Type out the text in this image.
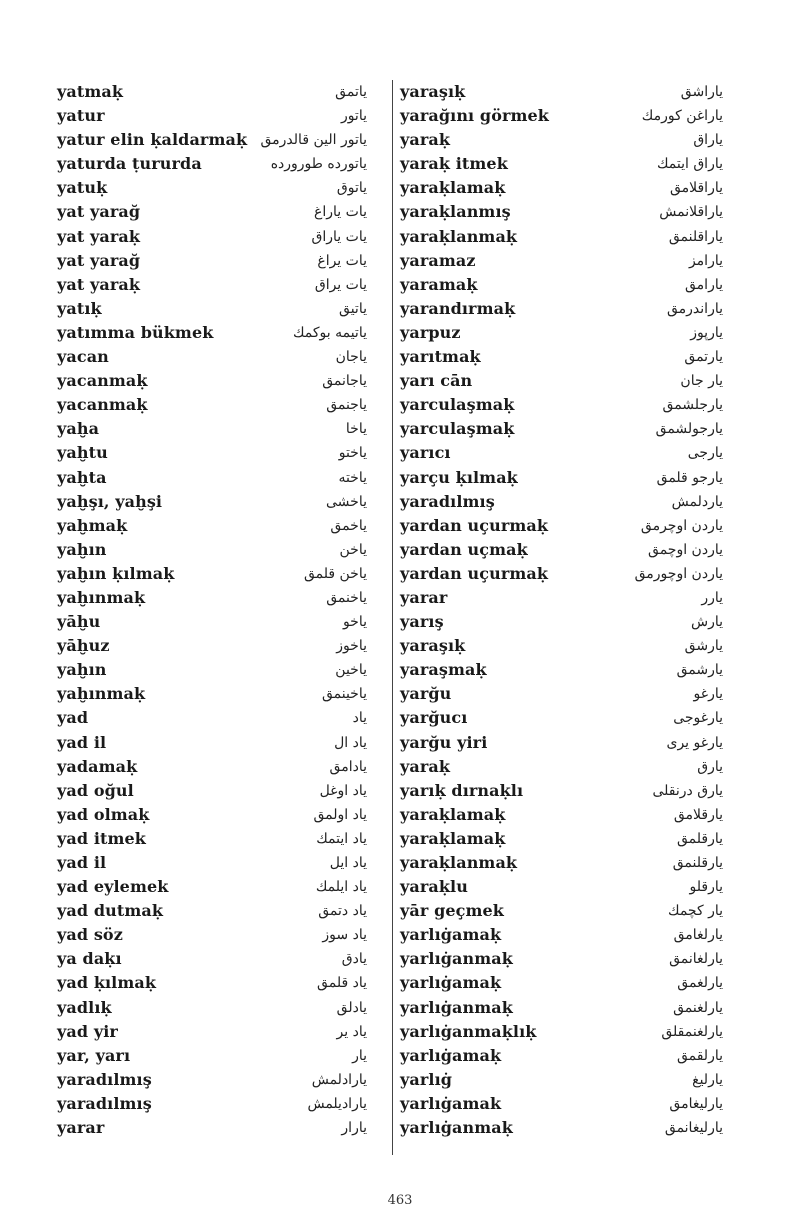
yatmaḳ	یاتمق
yatur	یاتور
yatur elin ḳaldarmaḳ یاتور الین قالدرمق
yaturda ṭururda	یاتورده طورورده
yatuḳ	یاتوق
yat yarağ	یات یاراغ
yat yaraḳ	یات یاراق
yat yarağ	یات یراغ
yat yaraḳ	یات یراق
yatıḳ	یاتیق
yatımma bükmek	یاتیمه بوکمك
yacan	یاجان
yacanmaḳ	یاجانمق
yacanmaḳ	یاجنمق
yaḫa	یاخا
yaḫtu	یاختو
yaḫta	یاخته
yaḫşı, yaḫşi	یاخشی
yaḫmaḳ	یاخمق
yaḫın	یاخن
yaḫın ḳılmaḳ	یاخن قلمق
yaḫınmaḳ	یاخنمق
yāḫu	یاخو
yāḫuz	یاخوز
yaḫın	یاخین
yaḫınmaḳ	یاخینمق
yad	یاد
yad il	یاد ال
yadamaḳ	یادامق
yad oğul	یاد اوغل
yad olmaḳ	یاد اولمق
yad itmek	یاد ایتمك
yad il	یاد ایل
yad eylemek	یاد ایلمك
yad dutmaḳ	یاد دتمق
yad söz	یاد سوز
ya daḳı	یادق
yad ḳılmaḳ	یاد قلمق
yadlıḳ	یادلق
yad yir	یاد یر
yar, yarı	یار
yaradılmış	یارادلمش
yaradılmış	یارادیلمش
yarar	یارار
yaraşıḳ	یاراشق
yarağını görmek	یاراغن کورمك
yaraḳ	یاراق
yaraḳ itmek	یاراق ایتمك
yaraḳlamaḳ	یاراقلامق
yaraḳlanmış	یاراقلانمش
yaraḳlanmaḳ	یاراقلنمق
yaramaz	یارامز
yaramaḳ	یارامق
yarandırmaḳ	یاراندرمق
yarpuz	یارپوز
yarıtmaḳ	یارتمق
yarı cān	یار جان
yarculaşmaḳ	یارجلشمق
yarculaşmaḳ	یارجولشمق
yarıcı	یارجی
yarçu ḳılmaḳ	یارجو قلمق
yaradılmış	یاردلمش
yardan uçurmaḳ	یاردن اوچرمق
yardan uçmaḳ	یاردن اوچمق
yardan uçurmaḳ	یاردن اوچورمق
yarar	یارر
yarış	یارش
yaraşıḳ	یارشق
yaraşmaḳ	یارشمق
yarğu	یارغو
yarğucı	یارغوجی
yarğu yiri	یارغو یری
yaraḳ	یارق
yarıḳ dırnaḳlı	یارق درنقلی
yaraḳlamaḳ	یارقلامق
yaraḳlamaḳ	یارقلمق
yaraḳlanmaḳ	یارقلنمق
yaraḳlu	یارقلو
yār geçmek	یار کچمك
yarlıġamaḳ	یارلغامق
yarlıġanmaḳ	یارلغانمق
yarlıġamaḳ	یارلغمق
yarlıġanmaḳ	یارلغنمق
yarlıġanmaḳlıḳ	یارلغنمقلق
yarlıġamaḳ	یارلقمق
yarlıġ	یارلیغ
yarlıġamak	یارلیغامق
yarlıġanmaḳ	یارلیغانمق
463
